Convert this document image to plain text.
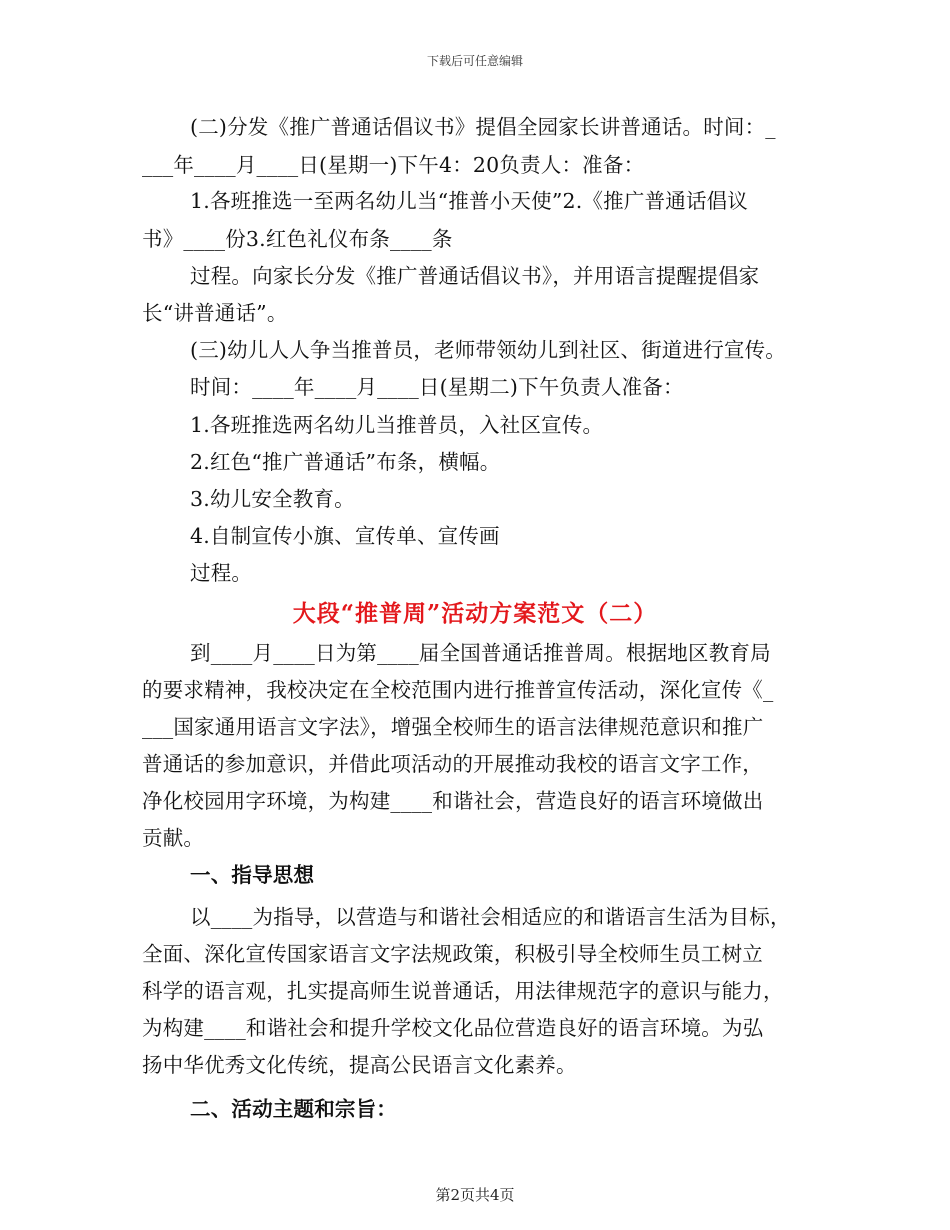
下载后可任意编辑
(二)分发《推广普通话倡议书》提倡全园家长讲普通话。时间：_
___年____月____日(星期一)下午4：20负责人：准备：
1.各班推选一至两名幼儿当“推普小天使”2.《推广普通话倡议
书》____份3.红色礼仪布条____条
过程。向家长分发《推广普通话倡议书》，并用语言提醒提倡家
长“讲普通话”。
(三)幼儿人人争当推普员，老师带领幼儿到社区、街道进行宣传。
时间：____年____月____日(星期二)下午负责人准备：
1.各班推选两名幼儿当推普员，入社区宣传。
2.红色“推广普通话”布条，横幅。
3.幼儿安全教育。
4.自制宣传小旗、宣传单、宣传画
过程。
大段“推普周”活动方案范文（二）
到____月____日为第____届全国普通话推普周。根据地区教育局
的要求精神，我校决定在全校范围内进行推普宣传活动，深化宣传《_
___国家通用语言文字法》，增强全校师生的语言法律规范意识和推广
普通话的参加意识，并借此项活动的开展推动我校的语言文字工作，
净化校园用字环境，为构建____和谐社会，营造良好的语言环境做出
贡献。
一、指导思想
以____为指导，以营造与和谐社会相适应的和谐语言生活为目标，
全面、深化宣传国家语言文字法规政策，积极引导全校师生员工树立
科学的语言观，扎实提高师生说普通话，用法律规范字的意识与能力，
为构建____和谐社会和提升学校文化品位营造良好的语言环境。为弘
扬中华优秀文化传统，提高公民语言文化素养。
二、活动主题和宗旨：
第2页共4页
